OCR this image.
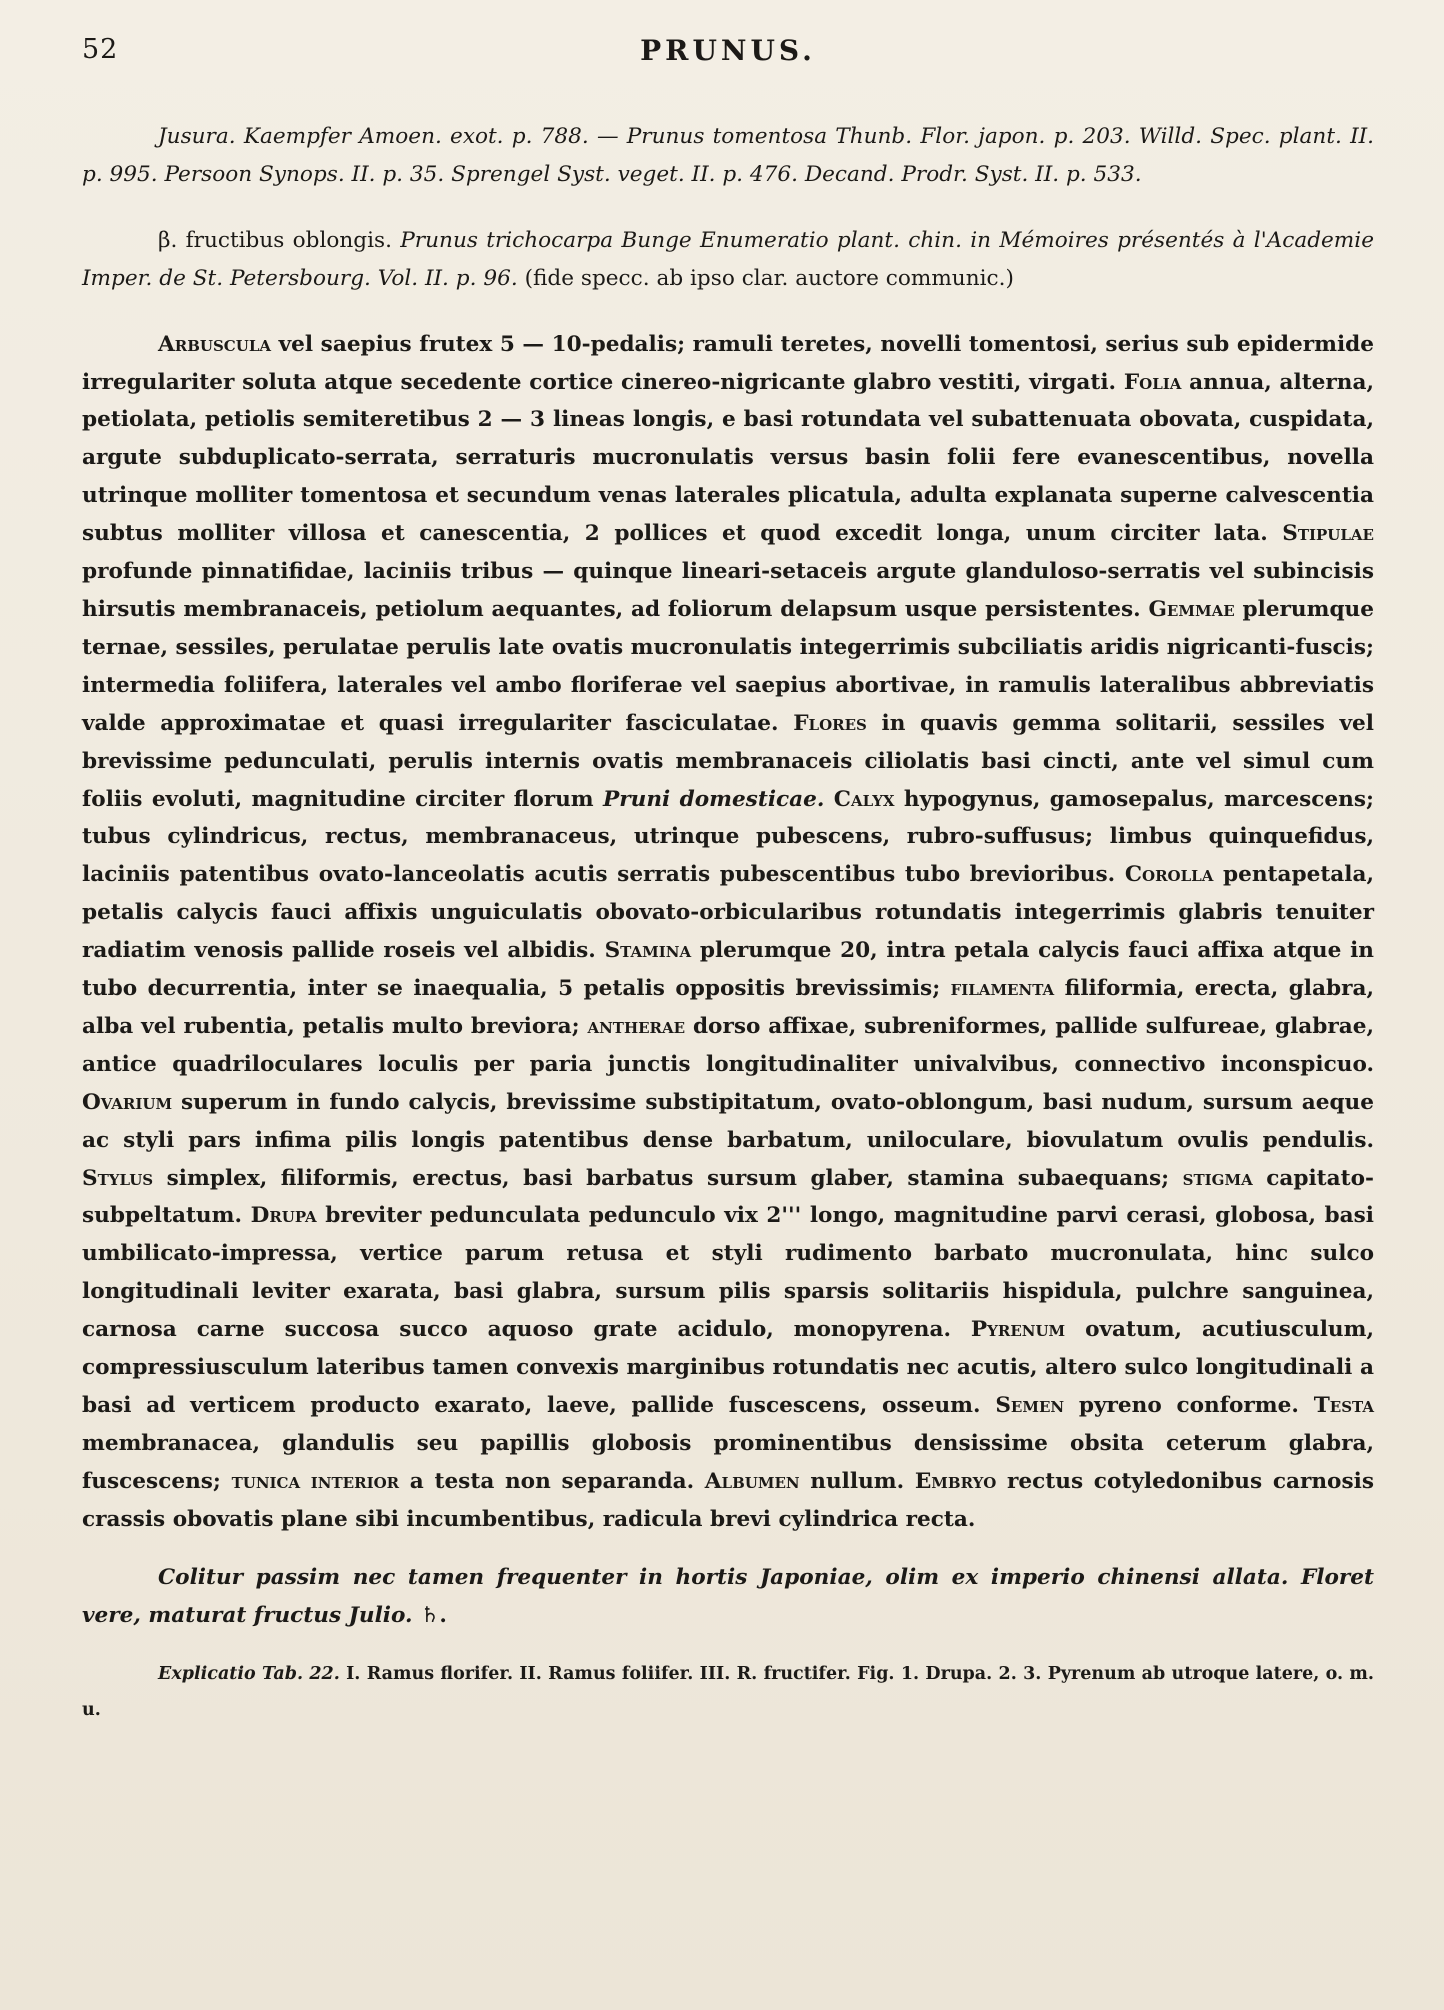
52	PRUNUS.

Jusura. Kaempfer Amoen. exot. p. 788. — Prunus tomentosa Thunb. Flor. japon. p. 203. Willd. Spec. plant. II. p. 995. Persoon Synops. II. p. 35. Sprengel Syst. veget. II. p. 476. Decand. Prodr. Syst. II. p. 533.

β. fructibus oblongis. Prunus trichocarpa Bunge Enumeratio plant. chin. in Mémoires présentés à l'Academie Imper. de St. Petersbourg. Vol. II. p. 96. (fide specc. ab ipso clar. auctore communic.)

Arbuscula vel saepius frutex 5 — 10-pedalis; ramuli teretes, novelli tomentosi, serius sub epidermide irregulariter soluta atque secedente cortice cinereo-nigricante glabro vestiti, virgati. Folia annua, alterna, petiolata, petiolis semiteretibus 2 — 3 lineas longis, e basi rotundata vel subattenuata obovata, cuspidata, argute subduplicato-serrata, serraturis mucronulatis versus basin folii fere evanescentibus, novella utrinque molliter tomentosa et secundum venas laterales plicatula, adulta explanata superne calvescentia subtus molliter villosa et canescentia, 2 pollices et quod excedit longa, unum circiter lata. Stipulae profunde pinnatifidae, laciniis tribus — quinque lineari-setaceis argute glanduloso-serratis vel subincisis hirsutis membranaceis, petiolum aequantes, ad foliorum delapsum usque persistentes. Gemmae plerumque ternae, sessiles, perulatae perulis late ovatis mucronulatis integerrimis subciliatis aridis nigricanti-fuscis; intermedia foliifera, laterales vel ambo floriferae vel saepius abortivae, in ramulis lateralibus abbreviatis valde approximatae et quasi irregulariter fasciculatae. Flores in quavis gemma solitarii, sessiles vel brevissime pedunculati, perulis internis ovatis membranaceis ciliolatis basi cincti, ante vel simul cum foliis evoluti, magnitudine circiter florum Pruni domesticae. Calyx hypogynus, gamosepalus, marcescens; tubus cylindricus, rectus, membranaceus, utrinque pubescens, rubro-suffusus; limbus quinquefidus, laciniis patentibus ovato-lanceolatis acutis serratis pubescentibus tubo brevioribus. Corolla pentapetala, petalis calycis fauci affixis unguiculatis obovato-orbicularibus rotundatis integerrimis glabris tenuiter radiatim venosis pallide roseis vel albidis. Stamina plerumque 20, intra petala calycis fauci affixa atque in tubo decurrentia, inter se inaequalia, 5 petalis oppositis brevissimis; filamenta filiformia, erecta, glabra, alba vel rubentia, petalis multo breviora; antherae dorso affixae, subreniformes, pallide sulfureae, glabrae, antice quadriloculares loculis per paria junctis longitudinaliter univalvibus, connectivo inconspicuo. Ovarium superum in fundo calycis, brevissime substipitatum, ovato-oblongum, basi nudum, sursum aeque ac styli pars infima pilis longis patentibus dense barbatum, uniloculare, biovulatum ovulis pendulis. Stylus simplex, filiformis, erectus, basi barbatus sursum glaber, stamina subaequans; stigma capitato-subpeltatum. Drupa breviter pedunculata pedunculo vix 2''' longo, magnitudine parvi cerasi, globosa, basi umbilicato-impressa, vertice parum retusa et styli rudimento barbato mucronulata, hinc sulco longitudinali leviter exarata, basi glabra, sursum pilis sparsis solitariis hispidula, pulchre sanguinea, carnosa carne succosa succo aquoso grate acidulo, monopyrena. Pyrenum ovatum, acutiusculum, compressiusculum lateribus tamen convexis marginibus rotundatis nec acutis, altero sulco longitudinali a basi ad verticem producto exarato, laeve, pallide fuscescens, osseum. Semen pyreno conforme. Testa membranacea, glandulis seu papillis globosis prominentibus densissime obsita ceterum glabra, fuscescens; tunica interior a testa non separanda. Albumen nullum. Embryo rectus cotyledonibus carnosis crassis obovatis plane sibi incumbentibus, radicula brevi cylindrica recta.

Colitur passim nec tamen frequenter in hortis Japoniae, olim ex imperio chinensi allata. Floret vere, maturat fructus Julio. ♄.

Explicatio Tab. 22. I. Ramus florifer. II. Ramus foliifer. III. R. fructifer. Fig. 1. Drupa. 2. 3. Pyrenum ab utroque latere, o. m. u.
